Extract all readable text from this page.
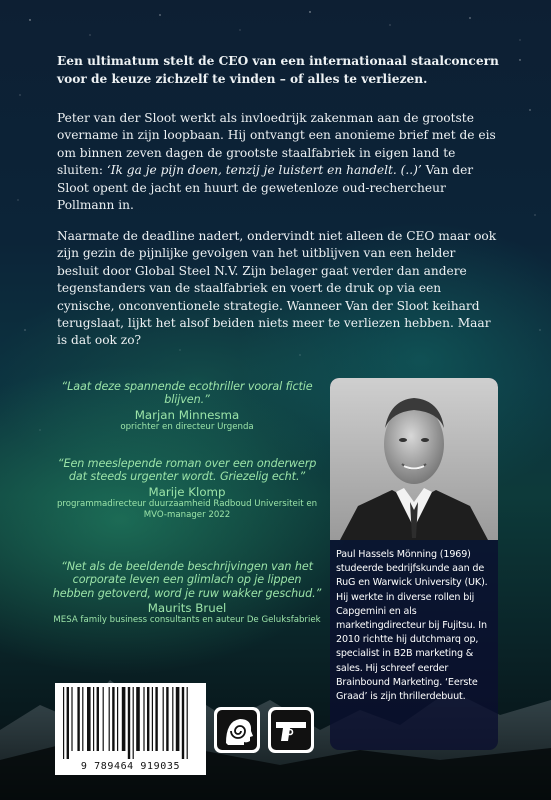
Een ultimatum stelt de CEO van een internationaal staalconcern voor de keuze zichzelf te vinden – of alles te verliezen.

Peter van der Sloot werkt als invloedrijk zakenman aan de grootste overname in zijn loopbaan. Hij ontvangt een anonieme brief met de eis om binnen zeven dagen de grootste staalfabriek in eigen land te sluiten: ‘Ik ga je pijn doen, tenzij je luistert en handelt. (..)’ Van der Sloot opent de jacht en huurt de gewetenloze oud-rechercheur Pollmann in.

Naarmate de deadline nadert, ondervindt niet alleen de CEO maar ook zijn gezin de pijnlijke gevolgen van het uitblijven van een helder besluit door Global Steel N.V. Zijn belager gaat verder dan andere tegenstanders van de staalfabriek en voert de druk op via een cynische, onconventionele strategie. Wanneer Van der Sloot keihard terugslaat, lijkt het alsof beiden niets meer te verliezen hebben. Maar is dat ook zo?

“Laat deze spannende ecothriller vooral fictie blijven.”
Marjan Minnesma
oprichter en directeur Urgenda
“Een meeslepende roman over een onderwerp dat steeds urgenter wordt. Griezelig echt.”
Marije Klomp
programmadirecteur duurzaamheid Radboud Universiteit en MVO-manager 2022
“Net als de beeldende beschrijvingen van het corporate leven een glimlach op je lippen hebben getoverd, word je ruw wakker geschud.”
Maurits Bruel
MESA family business consultants en auteur De Geluksfabriek
Paul Hassels Mönning (1969) studeerde bedrijfskunde aan de RuG en Warwick University (UK). Hij werkte in diverse rollen bij Capgemini en als marketingdirecteur bij Fujitsu. In 2010 richtte hij dutchmarq op, specialist in B2B marketing & sales. Hij schreef eerder Brainbound Marketing. ‘Eerste Graad’ is zijn thrillerdebuut.
9 789464 919035
